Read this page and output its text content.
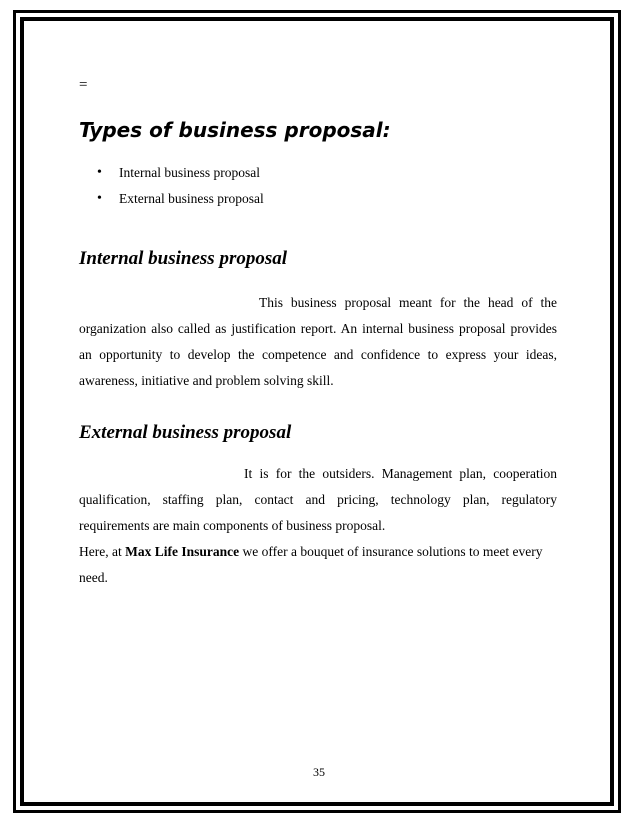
=
Types of business proposal:
•	Internal business proposal
•	External business proposal
Internal business proposal

This business proposal meant for the head of the organization also called as justification report. An internal business proposal provides an opportunity to develop the competence and confidence to express your ideas, awareness, initiative and problem solving skill.

External business proposal

It is for the outsiders. Management plan, cooperation qualification, staffing plan, contact and pricing, technology plan, regulatory requirements are main components of business proposal.

Here, at Max Life Insurance we offer a bouquet of insurance solutions to meet every need.

35
